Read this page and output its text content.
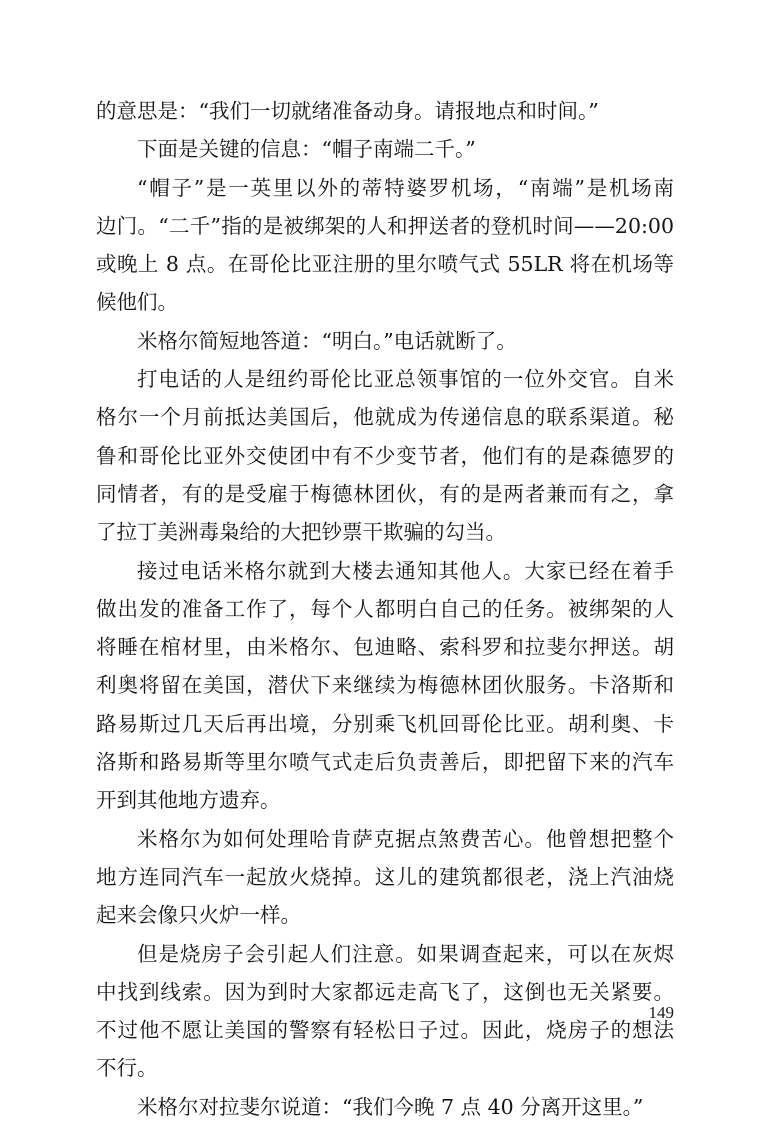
的意思是：“我们一切就绪准备动身。请报地点和时间。”
下面是关键的信息：“帽子南端二千。”
“帽子”是一英里以外的蒂特婆罗机场，“南端”是机场南
边门。“二千”指的是被绑架的人和押送者的登机时间——20:00
或晚上 8 点。在哥伦比亚注册的里尔喷气式 55LR 将在机场等
候他们。
米格尔简短地答道：“明白。”电话就断了。
打电话的人是纽约哥伦比亚总领事馆的一位外交官。自米
格尔一个月前抵达美国后，他就成为传递信息的联系渠道。秘
鲁和哥伦比亚外交使团中有不少变节者，他们有的是森德罗的
同情者，有的是受雇于梅德林团伙，有的是两者兼而有之，拿
了拉丁美洲毒枭给的大把钞票干欺骗的勾当。
接过电话米格尔就到大楼去通知其他人。大家已经在着手
做出发的准备工作了，每个人都明白自己的任务。被绑架的人
将睡在棺材里，由米格尔、包迪略、索科罗和拉斐尔押送。胡
利奥将留在美国，潜伏下来继续为梅德林团伙服务。卡洛斯和
路易斯过几天后再出境，分别乘飞机回哥伦比亚。胡利奥、卡
洛斯和路易斯等里尔喷气式走后负责善后，即把留下来的汽车
开到其他地方遗弃。
米格尔为如何处理哈肯萨克据点煞费苦心。他曾想把整个
地方连同汽车一起放火烧掉。这儿的建筑都很老，浇上汽油烧
起来会像只火炉一样。
但是烧房子会引起人们注意。如果调查起来，可以在灰烬
中找到线索。因为到时大家都远走高飞了，这倒也无关紧要。
不过他不愿让美国的警察有轻松日子过。因此，烧房子的想法
不行。
米格尔对拉斐尔说道：“我们今晚 7 点 40 分离开这里。”
149
